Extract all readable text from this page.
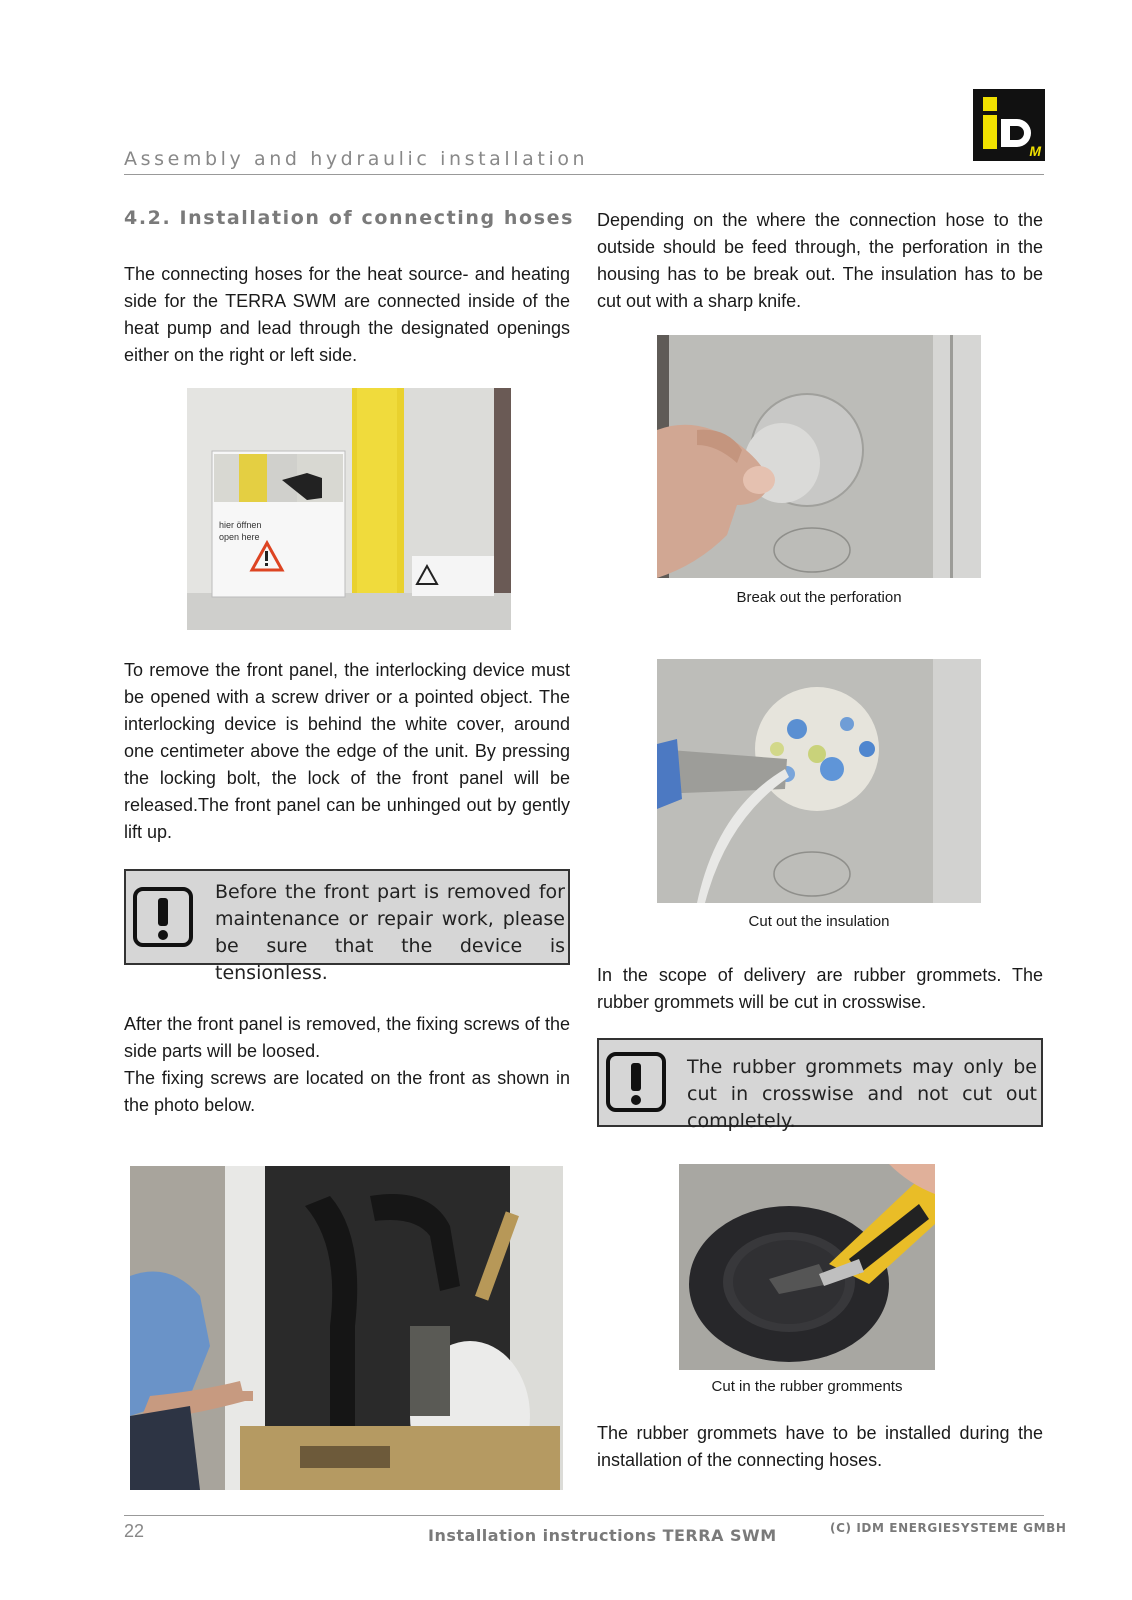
M
Assembly and hydraulic installation
4.2. Installation of connecting hoses
The connecting hoses for the heat source- and heating side for the TERRA SWM are connected inside of the heat pump and lead through the designated openings either on the right or left side.
hier öffnen
open here
To remove the front panel, the interlocking device must be opened with a screw driver or a pointed object. The interlocking device is behind the white cover, around one centimeter above the edge of the unit. By pressing the locking bolt, the lock of the front panel will be released.The front panel can be unhinged out by gently lift up.
Before the front part is removed for maintenance or repair work, please be sure that the device is tensionless.
After the front panel is removed, the fixing screws of the side parts will be loosed.
The fixing screws are located on the front as shown in the photo below.
Depending on the where the connection hose to the outside should be feed through, the perforation in the housing has to be break out. The insulation has to be cut out with a sharp knife.
Break out the perforation
Cut out the insulation
In the scope of delivery are rubber grommets. The rubber grommets will be cut in crosswise.
The rubber grommets may only be cut in crosswise and not cut out completely.
Cut in the rubber gromments
The rubber grommets have to be installed during the installation of the connecting hoses.
22	Installation instructions TERRA SWM	(C) IDM ENERGIESYSTEME GMBH
